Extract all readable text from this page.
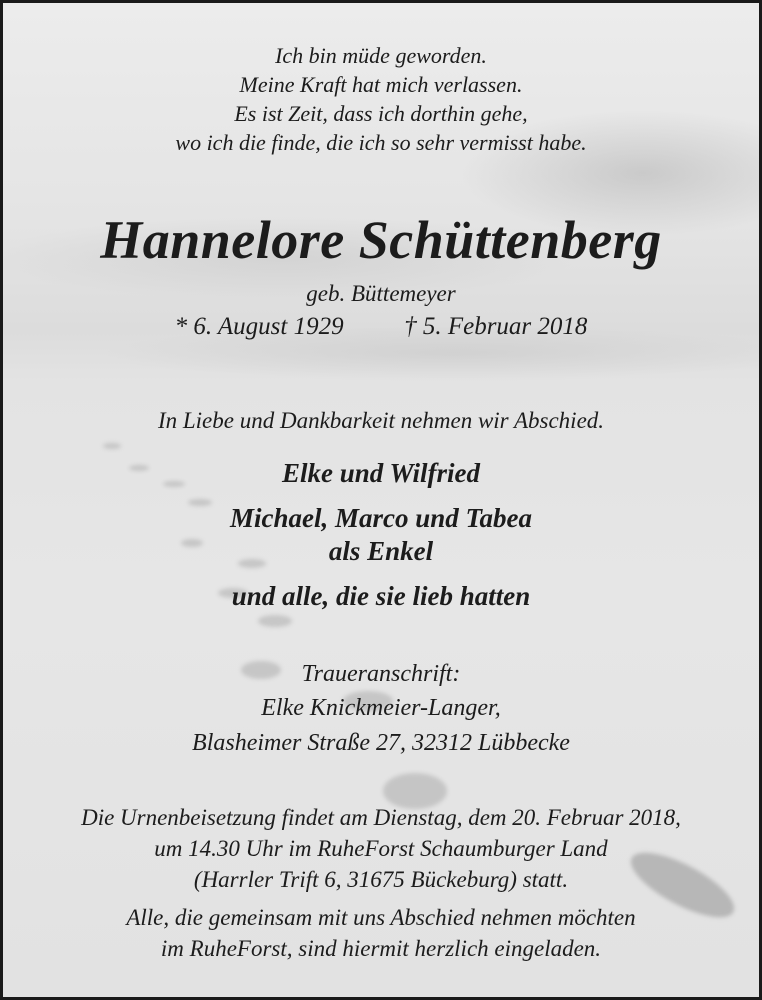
Ich bin müde geworden.
Meine Kraft hat mich verlassen.
Es ist Zeit, dass ich dorthin gehe,
wo ich die finde, die ich so sehr vermisst habe.
Hannelore Schüttenberg
geb. Büttemeyer
* 6. August 1929 † 5. Februar 2018
In Liebe und Dankbarkeit nehmen wir Abschied.
Elke und Wilfried
Michael, Marco und Tabea
als Enkel
und alle, die sie lieb hatten
Traueranschrift:
Elke Knickmeier-Langer,
Blasheimer Straße 27, 32312 Lübbecke
Die Urnenbeisetzung findet am Dienstag, dem 20. Februar 2018,
um 14.30 Uhr im RuheForst Schaumburger Land
(Harrler Trift 6, 31675 Bückeburg) statt.
Alle, die gemeinsam mit uns Abschied nehmen möchten
im RuheForst, sind hiermit herzlich eingeladen.
